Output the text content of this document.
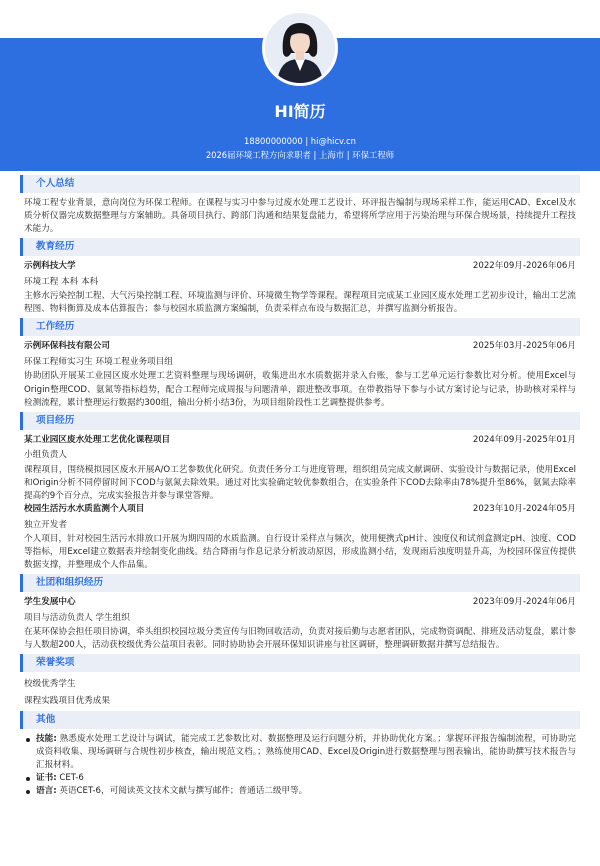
HI简历
18800000000 | hi@hicv.cn
2026届环境工程方向求职者 | 上海市 | 环保工程师
个人总结
环境工程专业背景，意向岗位为环保工程师。在课程与实习中参与过废水处理工艺设计、环评报告编制与现场采样工作，能运用CAD、Excel及水质分析仪器完成数据整理与方案辅助。具备项目执行、跨部门沟通和结果复盘能力，希望将所学应用于污染治理与环保合规场景，持续提升工程技术能力。
教育经历
示例科技大学	2022年09月-2026年06月
环境工程 本科 本科
主修水污染控制工程、大气污染控制工程、环境监测与评价、环境微生物学等课程。课程项目完成某工业园区废水处理工艺初步设计，输出工艺流程图、物料衡算及成本估算报告；参与校园水质监测方案编制，负责采样点布设与数据汇总，并撰写监测分析报告。
工作经历
示例环保科技有限公司	2025年03月-2025年06月
环保工程师实习生 环境工程业务项目组
协助团队开展某工业园区废水处理工艺资料整理与现场调研，收集进出水水质数据并录入台账，参与工艺单元运行参数比对分析。使用Excel与Origin整理COD、氨氮等指标趋势，配合工程师完成周报与问题清单，跟进整改事项。在带教指导下参与小试方案讨论与记录，协助核对采样与检测流程，累计整理运行数据约300组，输出分析小结3份，为项目组阶段性工艺调整提供参考。
项目经历
某工业园区废水处理工艺优化课程项目	2024年09月-2025年01月
小组负责人
课程项目，围绕模拟园区废水开展A/O工艺参数优化研究。负责任务分工与进度管理，组织组员完成文献调研、实验设计与数据记录，使用Excel和Origin分析不同停留时间下COD与氨氮去除效果。通过对比实验确定较优参数组合，在实验条件下COD去除率由78%提升至86%，氨氮去除率提高约9个百分点，完成实验报告并参与课堂答辩。
校园生活污水水质监测个人项目	2023年10月-2024年05月
独立开发者
个人项目，针对校园生活污水排放口开展为期四周的水质监测。自行设计采样点与频次，使用便携式pH计、浊度仪和试剂盒测定pH、浊度、COD等指标，用Excel建立数据表并绘制变化曲线。结合降雨与作息记录分析波动原因，形成监测小结，发现雨后浊度明显升高，为校园环保宣传提供数据支撑，并整理成个人作品集。
社团和组织经历
学生发展中心	2023年09月-2024年06月
项目与活动负责人 学生组织
在某环保协会担任项目协调，牵头组织校园垃圾分类宣传与旧物回收活动，负责对接后勤与志愿者团队，完成物资调配、排班及活动复盘，累计参与人数超200人，活动获校级优秀公益项目表彰。同时协助协会开展环保知识讲座与社区调研，整理调研数据并撰写总结报告。
荣誉奖项
校级优秀学生
课程实践项目优秀成果
其他
技能: 熟悉废水处理工艺设计与调试，能完成工艺参数比对、数据整理及运行问题分析，并协助优化方案。；掌握环评报告编制流程，可协助完成资料收集、现场调研与合规性初步核查，输出规范文档。；熟练使用CAD、Excel及Origin进行数据整理与图表输出，能协助撰写技术报告与汇报材料。
证书: CET-6
语言: 英语CET-6，可阅读英文技术文献与撰写邮件；普通话二级甲等。
